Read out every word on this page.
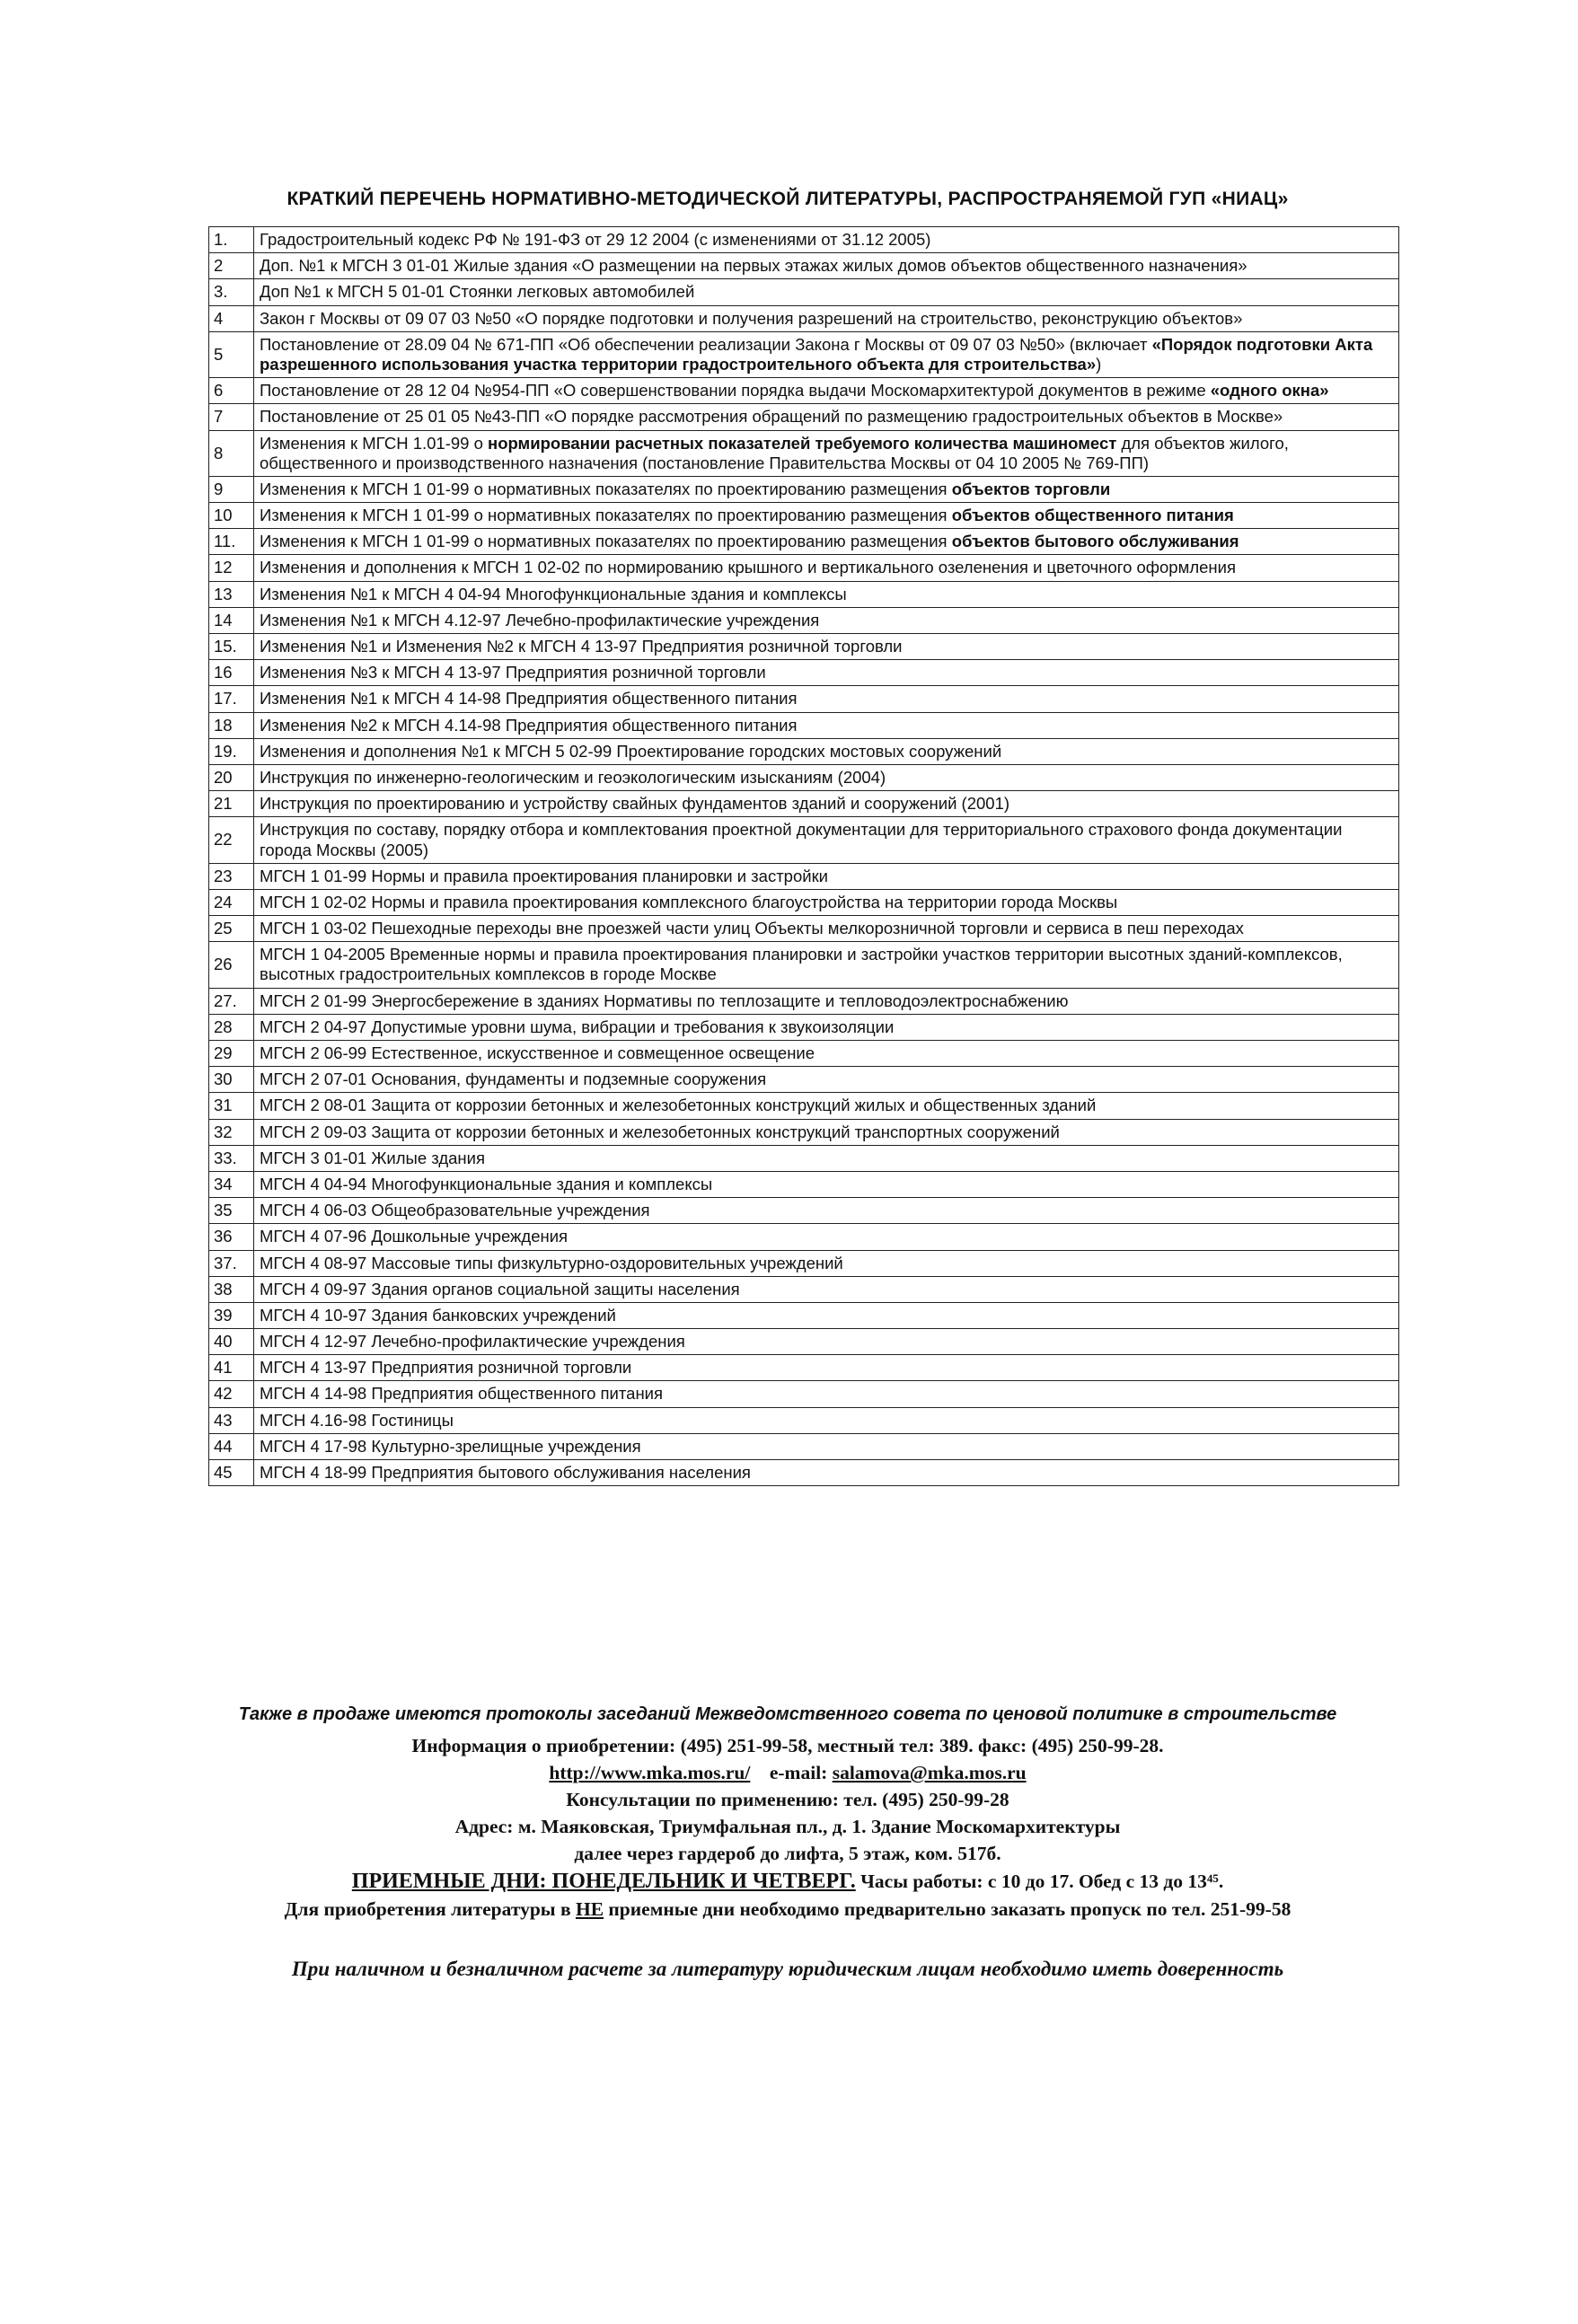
КРАТКИЙ ПЕРЕЧЕНЬ НОРМАТИВНО-МЕТОДИЧЕСКОЙ ЛИТЕРАТУРЫ, РАСПРОСТРАНЯЕМОЙ ГУП «НИАЦ»
1.	Градостроительный кодекс РФ № 191-ФЗ от 29 12 2004 (с изменениями от 31.12 2005)
2	Доп. №1 к МГСН 3 01-01 Жилые здания «О размещении на первых этажах жилых домов объектов общественного назначения»
3.	Доп №1 к МГСН 5 01-01 Стоянки легковых автомобилей
4	Закон г Москвы от 09 07 03 №50 «О порядке подготовки и получения разрешений на строительство, реконструкцию объектов»
5	Постановление от 28.09 04 № 671-ПП «Об обеспечении реализации Закона г Москвы от 09 07 03 №50» (включает «Порядок подготовки Акта разрешенного использования участка территории градостроительного объекта для строительства»)
6	Постановление от 28 12 04 №954-ПП «О совершенствовании порядка выдачи Москомархитектурой документов в режиме «одного окна»
7	Постановление от 25 01 05 №43-ПП «О порядке рассмотрения обращений по размещению градостроительных объектов в Москве»
8	Изменения к МГСН 1.01-99 о нормировании расчетных показателей требуемого количества машиномест для объектов жилого, общественного и производственного назначения (постановление Правительства Москвы от 04 10 2005 № 769-ПП)
9	Изменения к МГСН 1 01-99 о нормативных показателях по проектированию размещения объектов торговли
10	Изменения к МГСН 1 01-99 о нормативных показателях по проектированию размещения объектов общественного питания
11.	Изменения к МГСН 1 01-99 о нормативных показателях по проектированию размещения объектов бытового обслуживания
12	Изменения и дополнения к МГСН 1 02-02 по нормированию крышного и вертикального озеленения и цветочного оформления
13	Изменения №1 к МГСН 4 04-94 Многофункциональные здания и комплексы
14	Изменения №1 к МГСН 4.12-97 Лечебно-профилактические учреждения
15.	Изменения №1 и Изменения №2 к МГСН 4 13-97 Предприятия розничной торговли
16	Изменения №3 к МГСН 4 13-97 Предприятия розничной торговли
17.	Изменения №1 к МГСН 4 14-98 Предприятия общественного питания
18	Изменения №2 к МГСН 4.14-98 Предприятия общественного питания
19.	Изменения и дополнения №1 к МГСН 5 02-99 Проектирование городских мостовых сооружений
20	Инструкция по инженерно-геологическим и геоэкологическим изысканиям (2004)
21	Инструкция по проектированию и устройству свайных фундаментов зданий и сооружений (2001)
22	Инструкция по составу, порядку отбора и комплектования проектной документации для территориального страхового фонда документации города Москвы (2005)
23	МГСН 1 01-99 Нормы и правила проектирования планировки и застройки
24	МГСН 1 02-02 Нормы и правила проектирования комплексного благоустройства на территории города Москвы
25	МГСН 1 03-02 Пешеходные переходы вне проезжей части улиц Объекты мелкорозничной торговли и сервиса в пеш переходах
26	МГСН 1 04-2005 Временные нормы и правила проектирования планировки и застройки участков территории высотных зданий-комплексов, высотных градостроительных комплексов в городе Москве
27.	МГСН 2 01-99 Энергосбережение в зданиях Нормативы по теплозащите и тепловодоэлектроснабжению
28	МГСН 2 04-97 Допустимые уровни шума, вибрации и требования к звукоизоляции
29	МГСН 2 06-99 Естественное, искусственное и совмещенное освещение
30	МГСН 2 07-01 Основания, фундаменты и подземные сооружения
31	МГСН 2 08-01 Защита от коррозии бетонных и железобетонных конструкций жилых и общественных зданий
32	МГСН 2 09-03 Защита от коррозии бетонных и железобетонных конструкций транспортных сооружений
33.	МГСН 3 01-01 Жилые здания
34	МГСН 4 04-94 Многофункциональные здания и комплексы
35	МГСН 4 06-03 Общеобразовательные учреждения
36	МГСН 4 07-96 Дошкольные учреждения
37.	МГСН 4 08-97 Массовые типы физкультурно-оздоровительных учреждений
38	МГСН 4 09-97 Здания органов социальной защиты населения
39	МГСН 4 10-97 Здания банковских учреждений
40	МГСН 4 12-97 Лечебно-профилактические учреждения
41	МГСН 4 13-97 Предприятия розничной торговли
42	МГСН 4 14-98 Предприятия общественного питания
43	МГСН 4.16-98 Гостиницы
44	МГСН 4 17-98 Культурно-зрелищные учреждения
45	МГСН 4 18-99 Предприятия бытового обслуживания населения
Также в продаже имеются протоколы заседаний Межведомственного совета по ценовой политике в строительстве
Информация о приобретении: (495) 251-99-58, местный тел: 389. факс: (495) 250-99-28.
http://www.mka.mos.ru/ e-mail: salamova@mka.mos.ru
Консультации по применению: тел. (495) 250-99-28
Адрес: м. Маяковская, Триумфальная пл., д. 1. Здание Москомархитектуры
далее через гардероб до лифта, 5 этаж, ком. 517б.
ПРИЕМНЫЕ ДНИ: ПОНЕДЕЛЬНИК И ЧЕТВЕРГ. Часы работы: с 10 до 17. Обед с 13 до 13⁴⁵.
Для приобретения литературы в НЕ приемные дни необходимо предварительно заказать пропуск по тел. 251-99-58
При наличном и безналичном расчете за литературу юридическим лицам необходимо иметь доверенность
